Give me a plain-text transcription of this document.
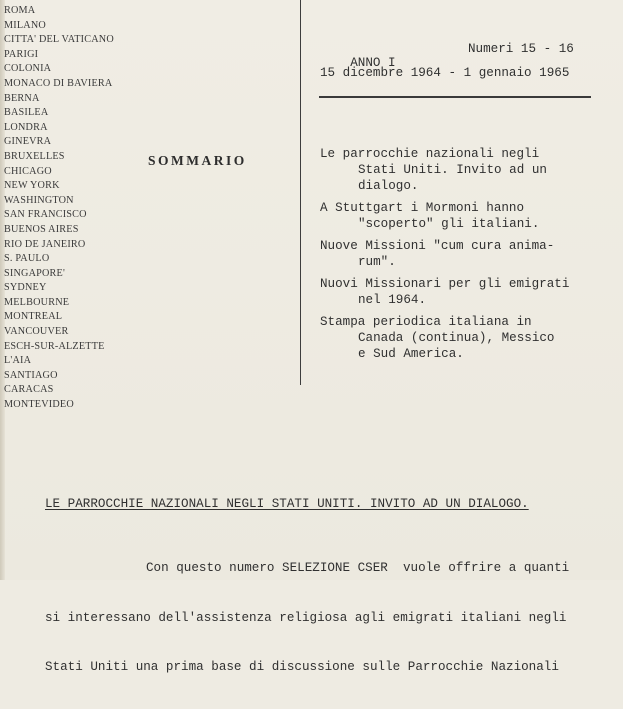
ROMA
MILANO
CITTA' DEL VATICANO
PARIGI
COLONIA
MONACO DI BAVIERA
BERNA
BASILEA
LONDRA
GINEVRA
BRUXELLES
CHICAGO
NEW YORK
WASHINGTON
SAN FRANCISCO
BUENOS AIRES
RIO DE JANEIRO
S. PAULO
SINGAPORE'
SYDNEY
MELBOURNE
MONTREAL
VANCOUVER
ESCH-SUR-ALZETTE
L'AIA
SANTIAGO
CARACAS
MONTEVIDEO
SOMMARIO

ANNO I

Numeri 15 - 16

15 dicembre 1964 - 1 gennaio 1965
Le parrocchie nazionali negli
Stati Uniti. Invito ad un
dialogo.
A Stuttgart i Mormoni hanno
"scoperto" gli italiani.
Nuove Missioni "cum cura anima-
rum".
Nuovi Missionari per gli emigrati
nel 1964.
Stampa periodica italiana in
Canada (continua), Messico
e Sud America.
LE PARROCCHIE NAZIONALI NEGLI STATI UNITI. INVITO AD UN DIALOGO.

Con questo numero SELEZIONE CSER  vuole offrire a quanti

si interessano dell'assistenza religiosa agli emigrati italiani negli

Stati Uniti una prima base di discussione sulle Parrocchie Nazionali
